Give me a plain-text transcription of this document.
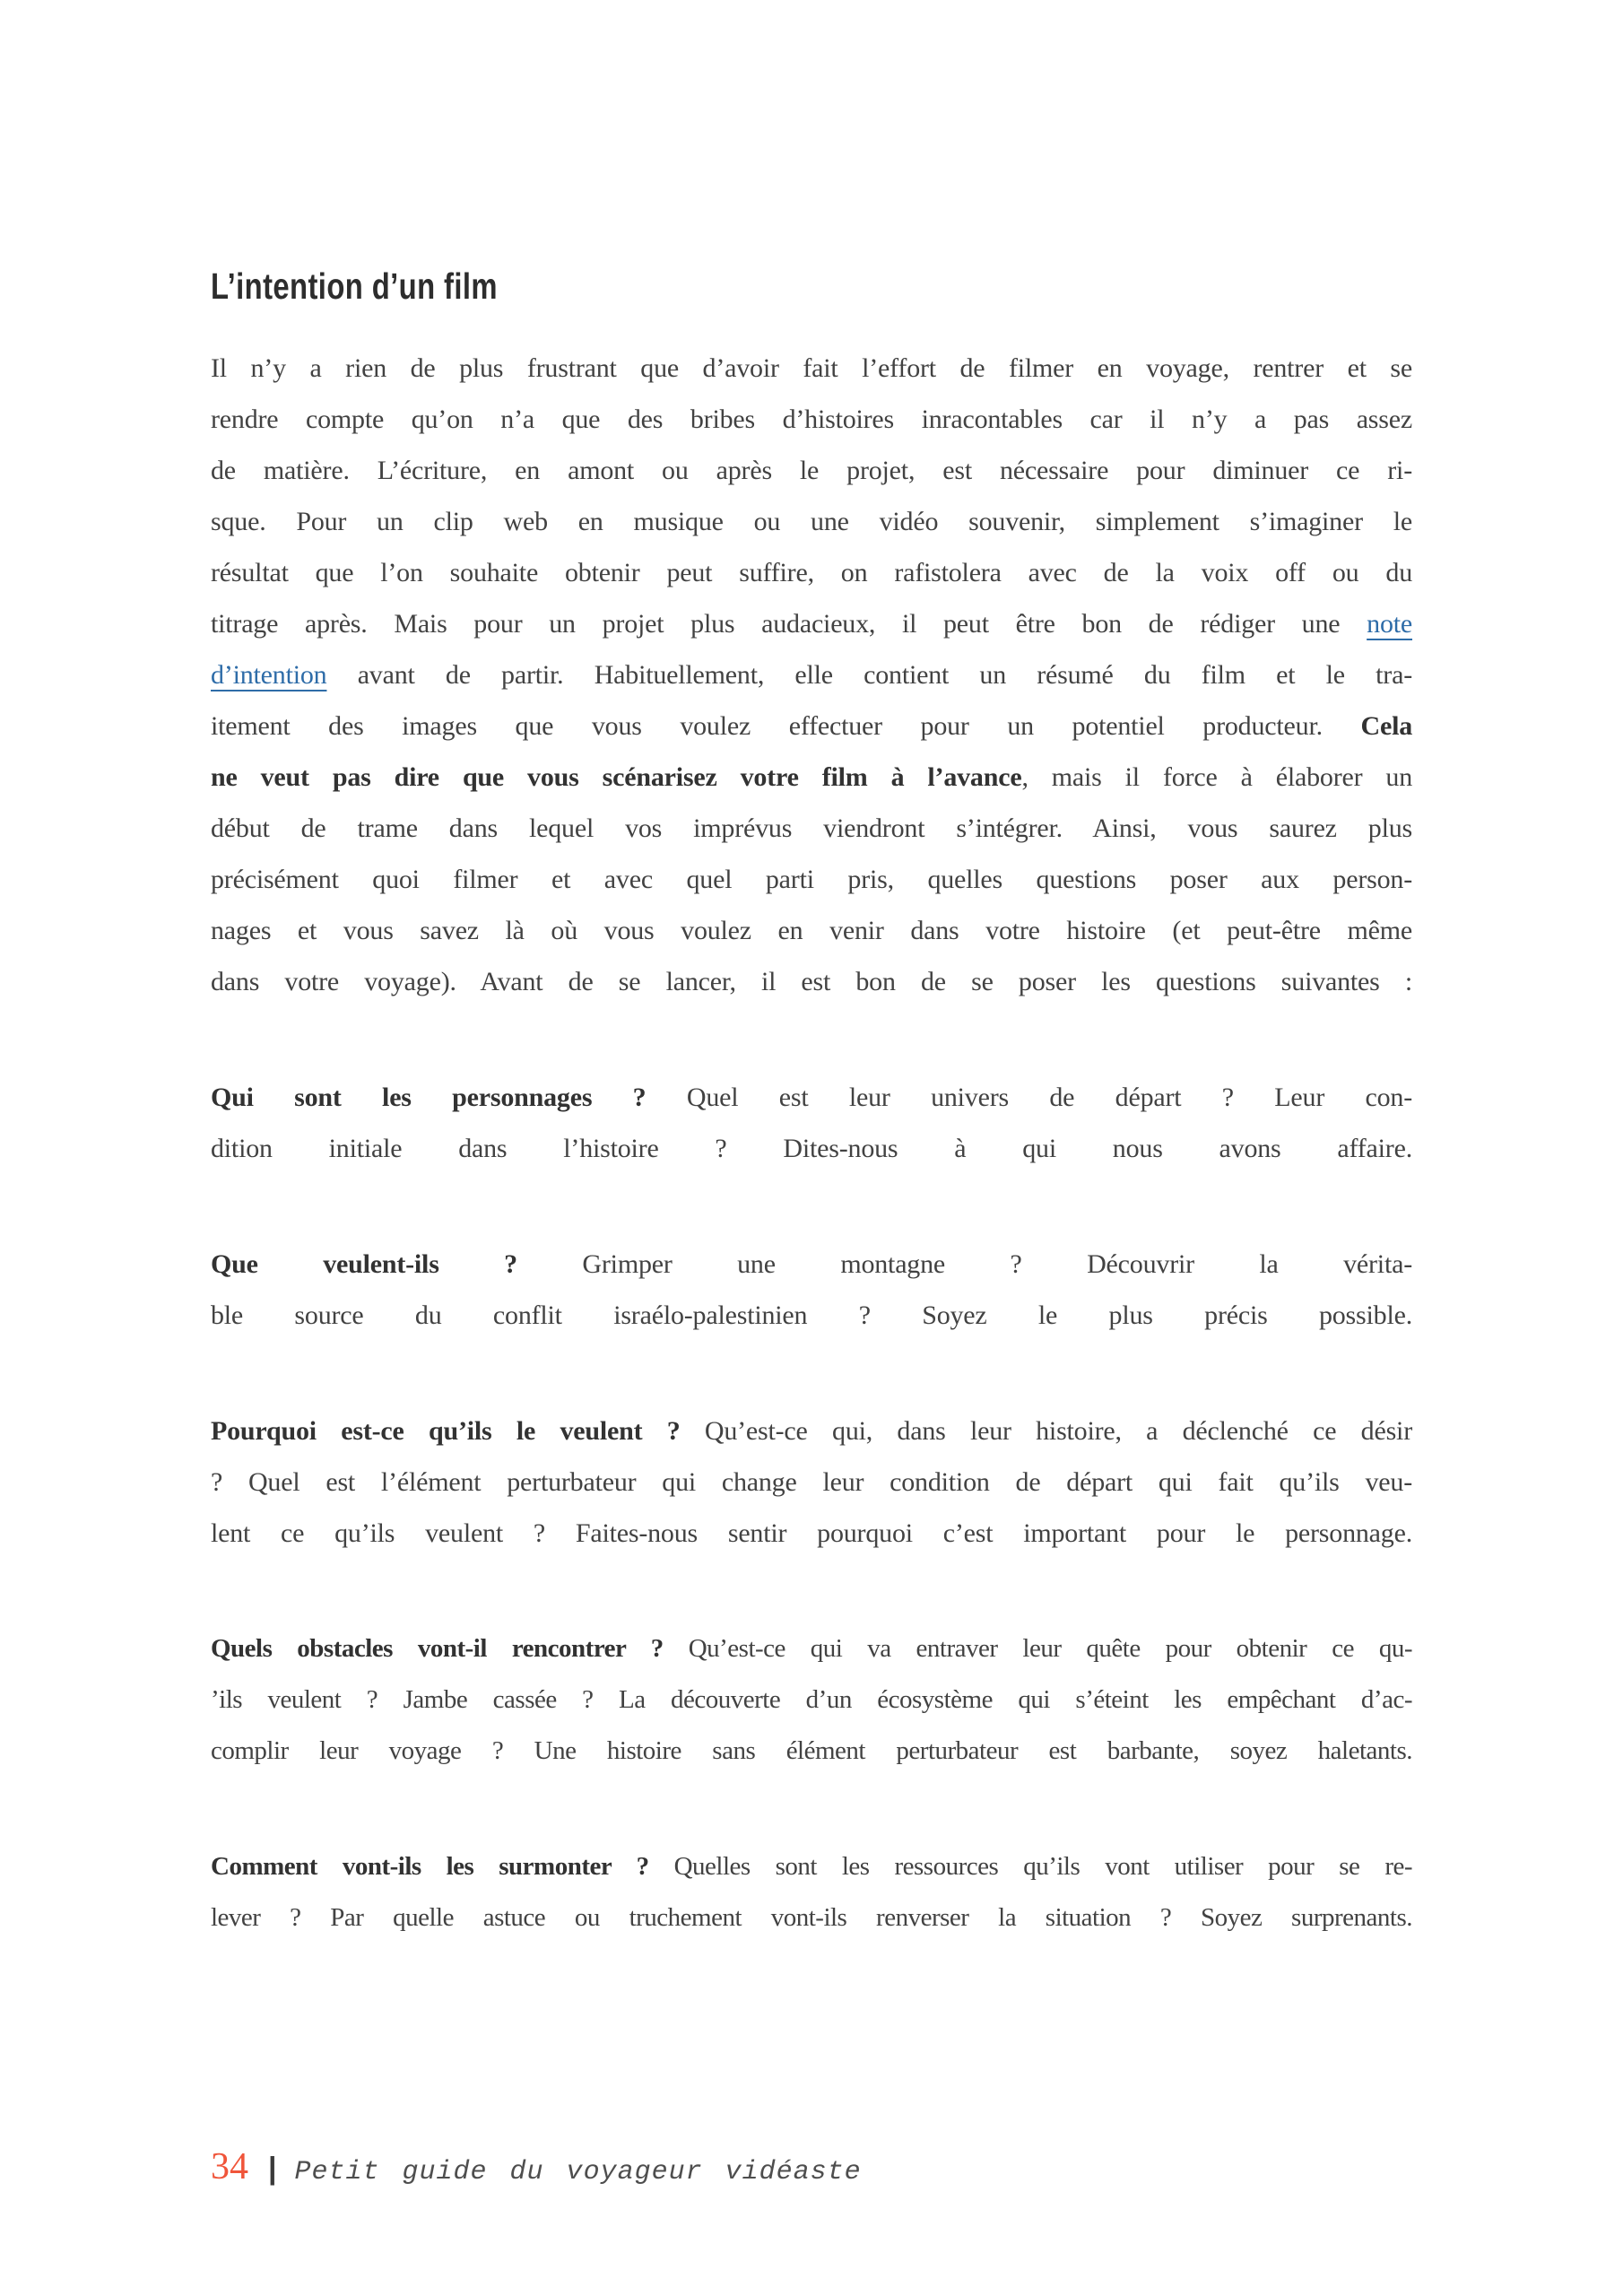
L’intention d’un film
Il n’y a rien de plus frustrant que d’avoir fait l’effort de filmer en voyage, rentrer et se
rendre compte qu’on n’a que des bribes d’histoires inracontables car il n’y a pas assez
de matière. L’écriture, en amont ou après le projet, est nécessaire pour diminuer ce ri-
sque. Pour un clip web en musique ou une vidéo souvenir, simplement s’imaginer le
résultat que l’on souhaite obtenir peut suffire, on rafistolera avec de la voix off ou du
titrage après. Mais pour un projet plus audacieux, il peut être bon de rédiger une note
d’intention avant de partir. Habituellement, elle contient un résumé du film et le tra-
itement des images que vous voulez effectuer pour un potentiel producteur. Cela
ne veut pas dire que vous scénarisez votre film à l’avance, mais il force à élaborer un
début de trame dans lequel vos imprévus viendront s’intégrer. Ainsi, vous saurez plus
précisément quoi filmer et avec quel parti pris, quelles questions poser aux person-
nages et vous savez là où vous voulez en venir dans votre histoire (et peut-être même
dans votre voyage). Avant de se lancer, il est bon de se poser les questions suivantes :
Qui sont les personnages ? Quel est leur univers de départ ? Leur con-
dition initiale dans l’histoire ? Dites-nous à qui nous avons affaire.
Que veulent-ils ? Grimper une montagne ? Découvrir la vérita-
ble source du conflit israélo-palestinien ? Soyez le plus précis possible.
Pourquoi est-ce qu’ils le veulent ? Qu’est-ce qui, dans leur histoire, a déclenché ce désir
? Quel est l’élément perturbateur qui change leur condition de départ qui fait qu’ils veu-
lent ce qu’ils veulent ? Faites-nous sentir pourquoi c’est important pour le personnage.
Quels obstacles vont-il rencontrer ? Qu’est-ce qui va entraver leur quête pour obtenir ce qu-
’ils veulent ? Jambe cassée ? La découverte d’un écosystème qui s’éteint les empêchant d’ac-
complir leur voyage ? Une histoire sans élément perturbateur est barbante, soyez haletants.
Comment vont-ils les surmonter ? Quelles sont les ressources qu’ils vont utiliser pour se re-
lever ? Par quelle astuce ou truchement vont-ils renverser la situation ? Soyez surprenants.
34 | Petit guide du voyageur vidéaste
